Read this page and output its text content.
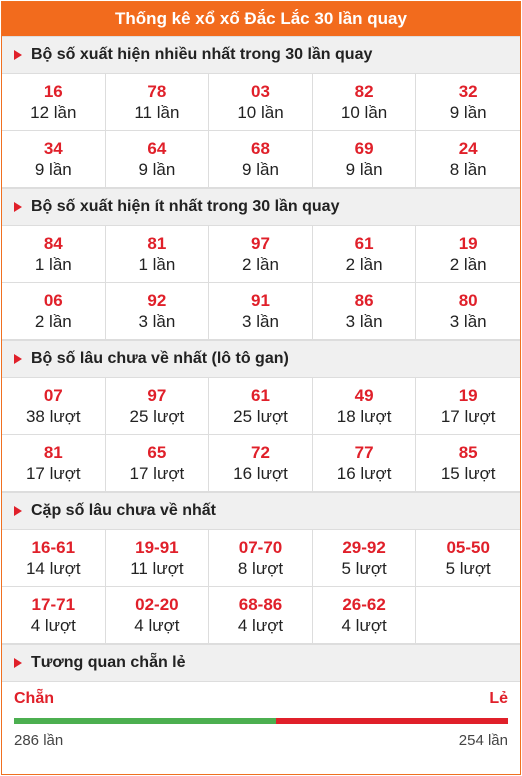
Thống kê xổ xố Đắc Lắc 30 lần quay
Bộ số xuất hiện nhiều nhất trong 30 lần quay
16
12 lần
78
11 lần
03
10 lần
82
10 lần
32
9 lần
34
9 lần
64
9 lần
68
9 lần
69
9 lần
24
8 lần
Bộ số xuất hiện ít nhất trong 30 lần quay
84
1 lần
81
1 lần
97
2 lần
61
2 lần
19
2 lần
06
2 lần
92
3 lần
91
3 lần
86
3 lần
80
3 lần
Bộ số lâu chưa về nhất (lô tô gan)
07
38 lượt
97
25 lượt
61
25 lượt
49
18 lượt
19
17 lượt
81
17 lượt
65
17 lượt
72
16 lượt
77
16 lượt
85
15 lượt
Cặp số lâu chưa về nhất
16-61
14 lượt
19-91
11 lượt
07-70
8 lượt
29-92
5 lượt
05-50
5 lượt
17-71
4 lượt
02-20
4 lượt
68-86
4 lượt
26-62
4 lượt
Tương quan chẵn lẻ
Chẵn	Lẻ
286 lần	254 lần
